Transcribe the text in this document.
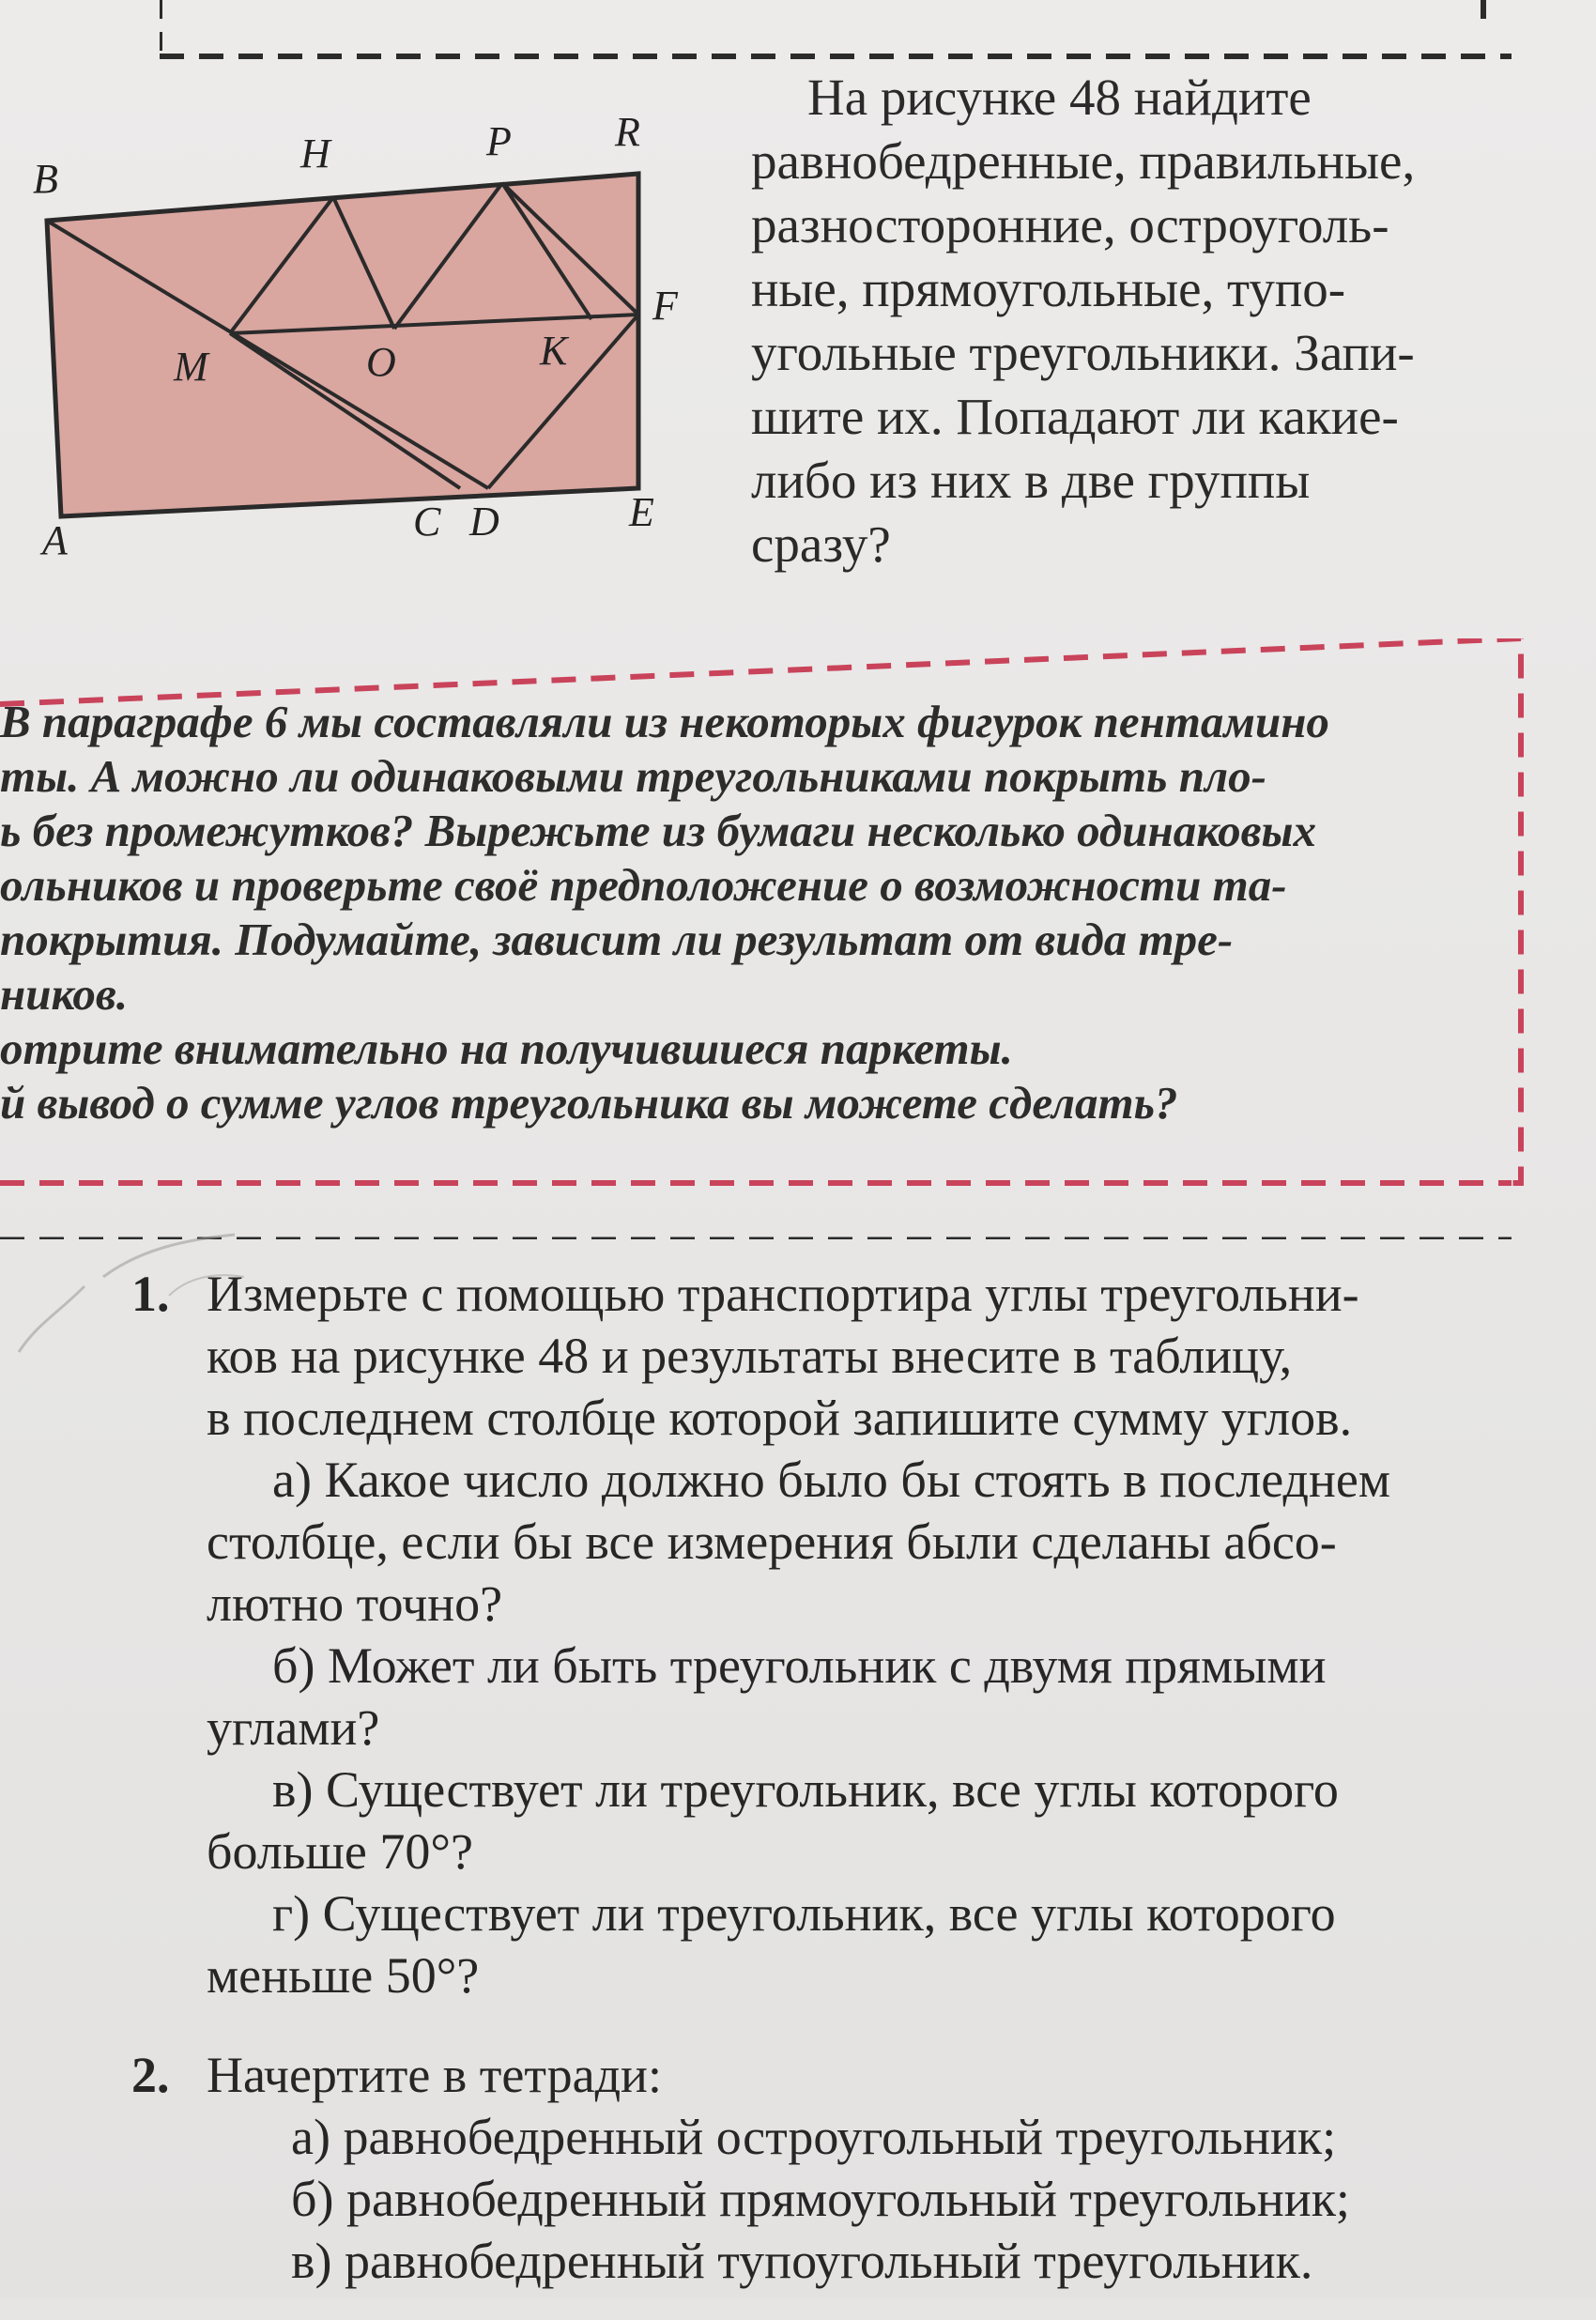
B
H	P	R
F
M	O	K
A	C D	E

На рисунке 48 найдите

равнобедренные, правильные,

разносторонние, остроуголь-

ные, прямоугольные, тупо-

угольные треугольники. Запи-

шите их. Попадают ли какие-

либо из них в две группы

сразу?

В параграфе 6 мы составляли из некоторых фигурок пентамино
ты. А можно ли одинаковыми треугольниками покрыть пло-
ь без промежутков? Вырежьте из бумаги несколько одинаковых
ольников и проверьте своё предположение о возможности та-
покрытия. Подумайте, зависит ли результат от вида тре-
ников.
отрите внимательно на получившиеся паркеты.
й вывод о сумме углов треугольника вы можете сделать?
1. Измерьте с помощью транспортира углы треугольни-

ков на рисунке 48 и результаты внесите в таблицу,

в последнем столбце которой запишите сумму углов.

а) Какое число должно было бы стоять в последнем

столбце, если бы все измерения были сделаны абсо-

лютно точно?

б) Может ли быть треугольник с двумя прямыми

углами?

в) Существует ли треугольник, все углы которого

больше 70°?

г) Существует ли треугольник, все углы которого

меньше 50°?

2. Начертите в тетради:

а) равнобедренный остроугольный треугольник;

б) равнобедренный прямоугольный треугольник;

в) равнобедренный тупоугольный треугольник.
